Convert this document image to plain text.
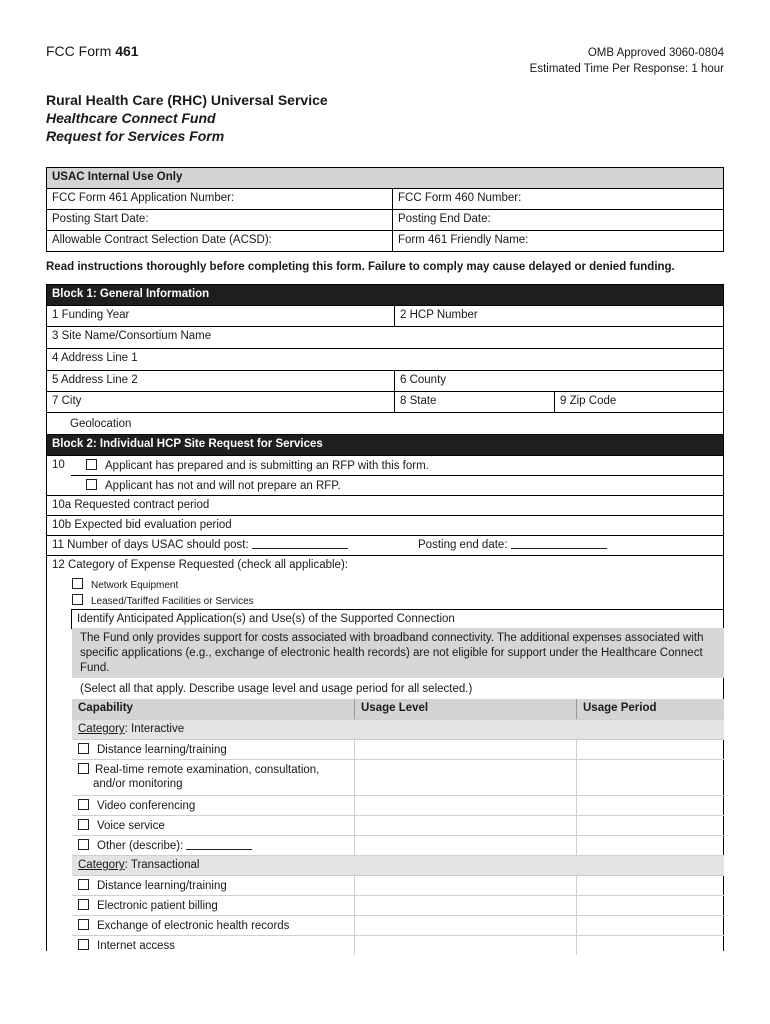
FCC Form 461	OMB Approved 3060-0804
Estimated Time Per Response: 1 hour
Rural Health Care (RHC) Universal Service
Healthcare Connect Fund
Request for Services Form
USAC Internal Use Only
FCC Form 461 Application Number:	FCC Form 460 Number:
Posting Start Date:	Posting End Date:
Allowable Contract Selection Date (ACSD):	Form 461 Friendly Name:
Read instructions thoroughly before completing this form. Failure to comply may cause delayed or denied funding.
Block 1: General Information
1 Funding Year	2 HCP Number
3 Site Name/Consortium Name
4 Address Line 1
5 Address Line 2	6 County
7 City	8 State	9 Zip Code
Geolocation
Block 2: Individual HCP Site Request for Services
10	Applicant has prepared and is submitting an RFP with this form.
Applicant has not and will not prepare an RFP.
10a Requested contract period
10b Expected bid evaluation period
11 Number of days USAC should post:	Posting end date:
12 Category of Expense Requested (check all applicable):
Network Equipment
Leased/Tariffed Facilities or Services
Identify Anticipated Application(s) and Use(s) of the Supported Connection
The Fund only provides support for costs associated with broadband connectivity. The additional expenses associated with specific applications (e.g., exchange of electronic health records) are not eligible for support under the Healthcare Connect Fund.
(Select all that apply. Describe usage level and usage period for all selected.)
Capability	Usage Level	Usage Period
Category: Interactive
Distance learning/training
Real-time remote examination, consultation, and/or monitoring
Video conferencing
Voice service
Other (describe):
Category: Transactional
Distance learning/training
Electronic patient billing
Exchange of electronic health records
Internet access
